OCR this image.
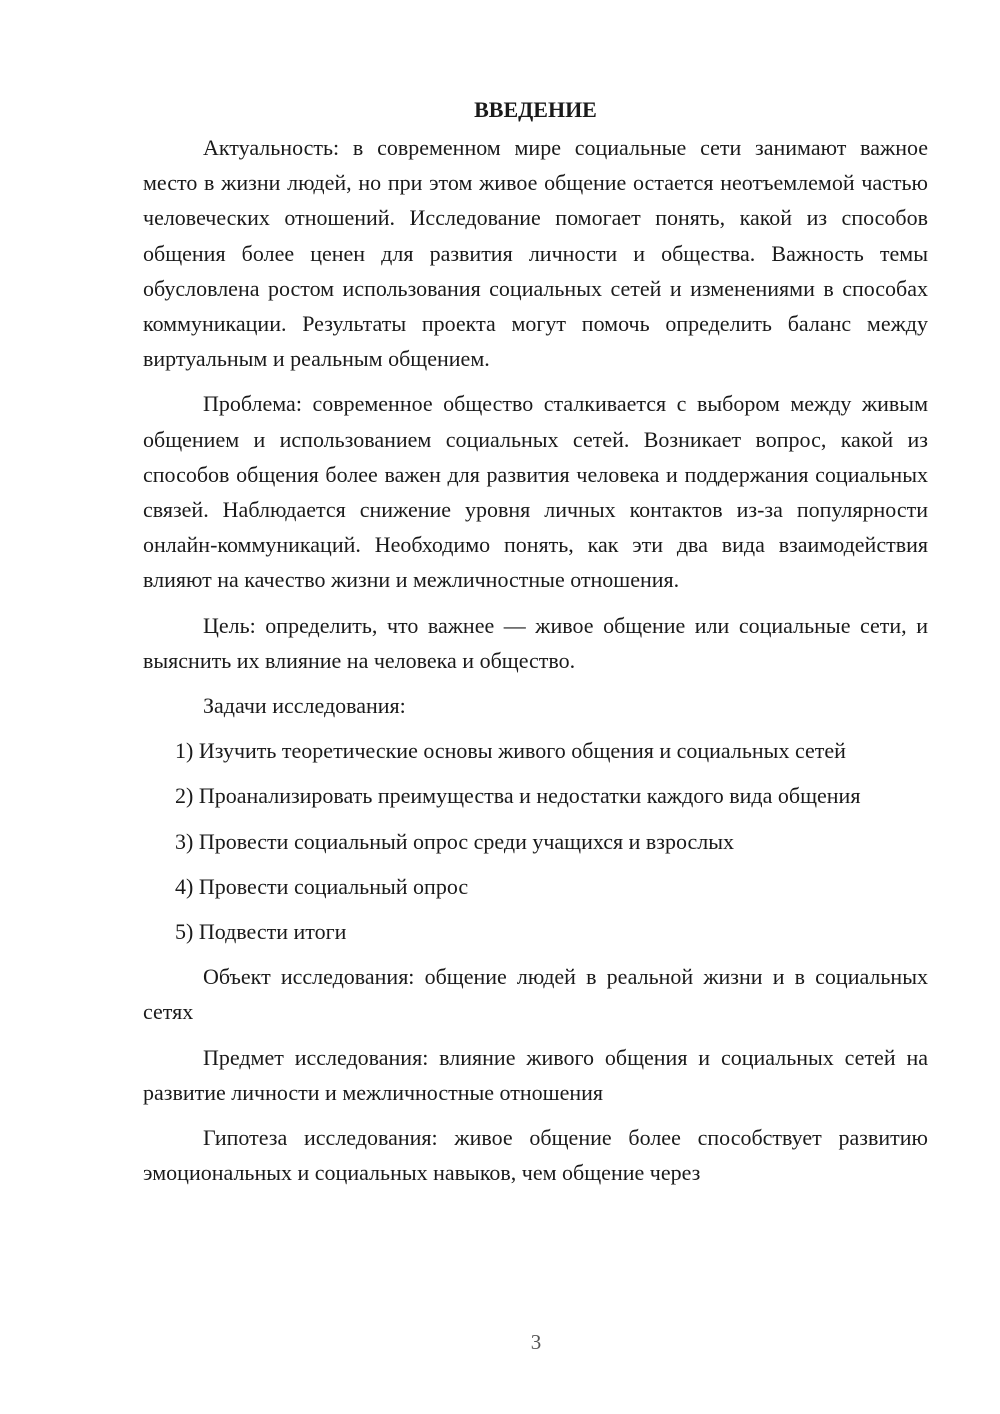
ВВЕДЕНИЕ

Актуальность: в современном мире социальные сети занимают важное место в жизни людей, но при этом живое общение остается неотъемлемой частью человеческих отношений. Исследование помогает понять, какой из способов общения более ценен для развития личности и общества. Важность темы обусловлена ростом использования социальных сетей и изменениями в способах коммуникации. Результаты проекта могут помочь определить баланс между виртуальным и реальным общением.

Проблема: современное общество сталкивается с выбором между живым общением и использованием социальных сетей. Возникает вопрос, какой из способов общения более важен для развития человека и поддержания социальных связей. Наблюдается снижение уровня личных контактов из-за популярности онлайн-коммуникаций. Необходимо понять, как эти два вида взаимодействия влияют на качество жизни и межличностные отношения.

Цель: определить, что важнее — живое общение или социальные сети, и выяснить их влияние на человека и общество.

Задачи исследования:

1) Изучить теоретические основы живого общения и социальных сетей

2) Проанализировать преимущества и недостатки каждого вида общения

3) Провести социальный опрос среди учащихся и взрослых

4) Провести социальный опрос

5) Подвести итоги

Объект исследования: общение людей в реальной жизни и в социальных сетях

Предмет исследования: влияние живого общения и социальных сетей на развитие личности и межличностные отношения

Гипотеза исследования: живое общение более способствует развитию эмоциональных и социальных навыков, чем общение через

3
